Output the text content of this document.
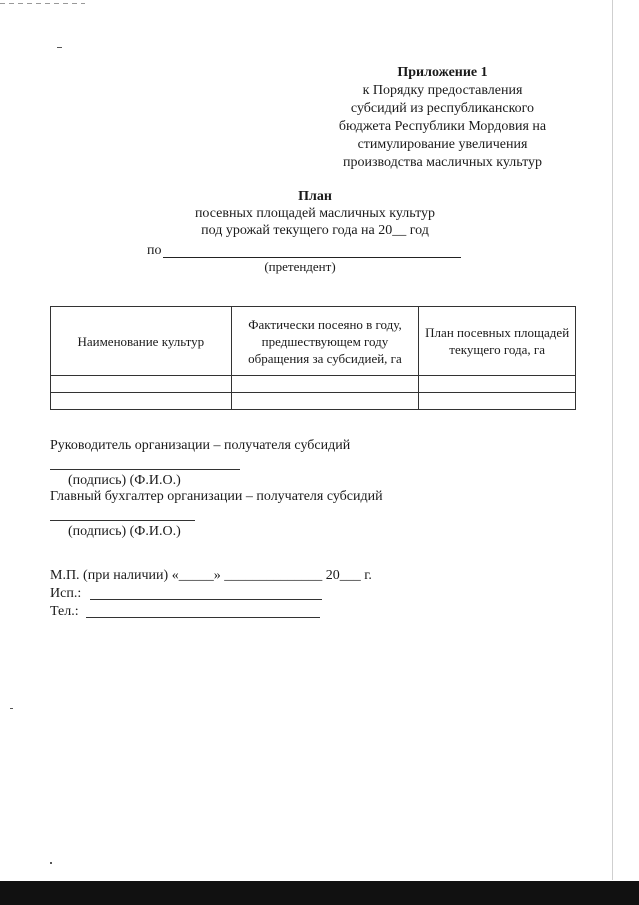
Приложение 1
к Порядку предоставления
субсидий из республиканского
бюджета Республики Мордовия на
стимулирование увеличения
производства масличных культур
План
посевных площадей масличных культур
под урожай текущего года на 20__ год
по
(претендент)
Наименование культур	Фактически посеяно в году, предшествующем году обращения за субсидией, га	План посевных площадей текущего года, га

Руководитель организации – получателя субсидий
(подпись) (Ф.И.О.)
Главный бухгалтер организации – получателя субсидий
(подпись) (Ф.И.О.)
М.П. (при наличии) «_____» ______________ 20___ г.
Исп.:
Тел.:
